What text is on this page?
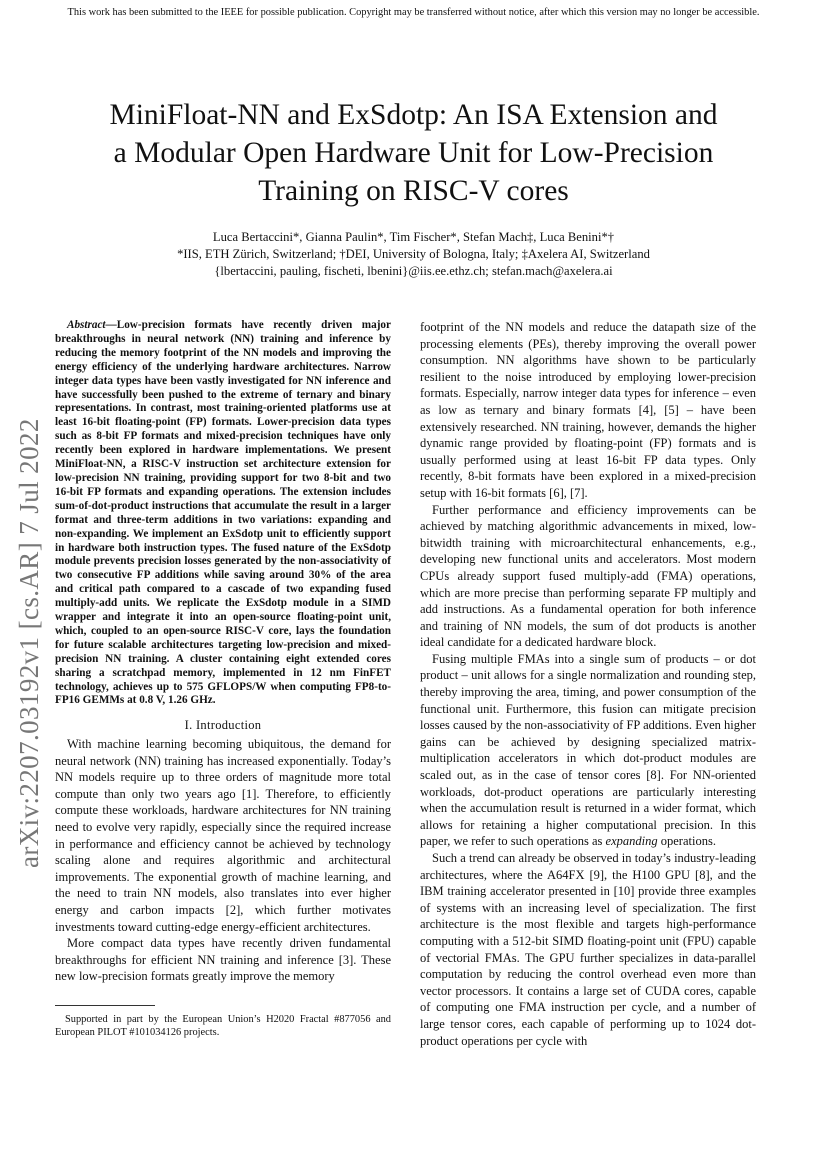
This work has been submitted to the IEEE for possible publication. Copyright may be transferred without notice, after which this version may no longer be accessible.
MiniFloat-NN and ExSdotp: An ISA Extension and
a Modular Open Hardware Unit for Low-Precision
Training on RISC-V cores
Luca Bertaccini*, Gianna Paulin*, Tim Fischer*, Stefan Mach‡, Luca Benini*†
*IIS, ETH Zürich, Switzerland; †DEI, University of Bologna, Italy; ‡Axelera AI, Switzerland
{lbertaccini, pauling, fischeti, lbenini}@iis.ee.ethz.ch; stefan.mach@axelera.ai
arXiv:2207.03192v1 [cs.AR] 7 Jul 2022

Abstract—Low-precision formats have recently driven major breakthroughs in neural network (NN) training and inference by reducing the memory footprint of the NN models and improving the energy efficiency of the underlying hardware architectures. Narrow integer data types have been vastly investigated for NN inference and have successfully been pushed to the extreme of ternary and binary representations. In contrast, most training-oriented platforms use at least 16-bit floating-point (FP) formats. Lower-precision data types such as 8-bit FP formats and mixed-precision techniques have only recently been explored in hardware implementations. We present MiniFloat-NN, a RISC-V instruction set architecture extension for low-precision NN training, providing support for two 8-bit and two 16-bit FP formats and expanding operations. The extension includes sum-of-dot-product instructions that accumulate the result in a larger format and three-term additions in two variations: expanding and non-expanding. We implement an ExSdotp unit to efficiently support in hardware both instruction types. The fused nature of the ExSdotp module prevents precision losses generated by the non-associativity of two consecutive FP additions while saving around 30% of the area and critical path compared to a cascade of two expanding fused multiply-add units. We replicate the ExSdotp module in a SIMD wrapper and integrate it into an open-source floating-point unit, which, coupled to an open-source RISC-V core, lays the foundation for future scalable architectures targeting low-precision and mixed-precision NN training. A cluster containing eight extended cores sharing a scratchpad memory, implemented in 12 nm FinFET technology, achieves up to 575 GFLOPS/W when computing FP8-to-FP16 GEMMs at 0.8 V, 1.26 GHz.

I. Introduction

With machine learning becoming ubiquitous, the demand for neural network (NN) training has increased exponentially. Today’s NN models require up to three orders of magnitude more total compute than only two years ago [1]. Therefore, to efficiently compute these workloads, hardware architectures for NN training need to evolve very rapidly, especially since the required increase in performance and efficiency cannot be achieved by technology scaling alone and requires algorithmic and architectural improvements. The exponential growth of machine learning, and the need to train NN models, also translates into ever higher energy and carbon impacts [2], which further motivates investments toward cutting-edge energy-efficient architectures.

More compact data types have recently driven fundamental breakthroughs for efficient NN training and inference [3]. These new low-precision formats greatly improve the memory

Supported in part by the European Union’s H2020 Fractal #877056 and European PILOT #101034126 projects.

footprint of the NN models and reduce the datapath size of the processing elements (PEs), thereby improving the overall power consumption. NN algorithms have shown to be particularly resilient to the noise introduced by employing lower-precision formats. Especially, narrow integer data types for inference – even as low as ternary and binary formats [4], [5] – have been extensively researched. NN training, however, demands the higher dynamic range provided by floating-point (FP) formats and is usually performed using at least 16-bit FP data types. Only recently, 8-bit formats have been explored in a mixed-precision setup with 16-bit formats [6], [7].

Further performance and efficiency improvements can be achieved by matching algorithmic advancements in mixed, low-bitwidth training with microarchitectural enhancements, e.g., developing new functional units and accelerators. Most modern CPUs already support fused multiply-add (FMA) operations, which are more precise than performing separate FP multiply and add instructions. As a fundamental operation for both inference and training of NN models, the sum of dot products is another ideal candidate for a dedicated hardware block.

Fusing multiple FMAs into a single sum of products – or dot product – unit allows for a single normalization and rounding step, thereby improving the area, timing, and power consumption of the functional unit. Furthermore, this fusion can mitigate precision losses caused by the non-associativity of FP additions. Even higher gains can be achieved by designing specialized matrix-multiplication accelerators in which dot-product modules are scaled out, as in the case of tensor cores [8]. For NN-oriented workloads, dot-product operations are particularly interesting when the accumulation result is returned in a wider format, which allows for retaining a higher computational precision. In this paper, we refer to such operations as expanding operations.

Such a trend can already be observed in today’s industry-leading architectures, where the A64FX [9], the H100 GPU [8], and the IBM training accelerator presented in [10] provide three examples of systems with an increasing level of specialization. The first architecture is the most flexible and targets high-performance computing with a 512-bit SIMD floating-point unit (FPU) capable of vectorial FMAs. The GPU further specializes in data-parallel computation by reducing the control overhead even more than vector processors. It contains a large set of CUDA cores, capable of computing one FMA instruction per cycle, and a number of large tensor cores, each capable of performing up to 1024 dot-product operations per cycle with
